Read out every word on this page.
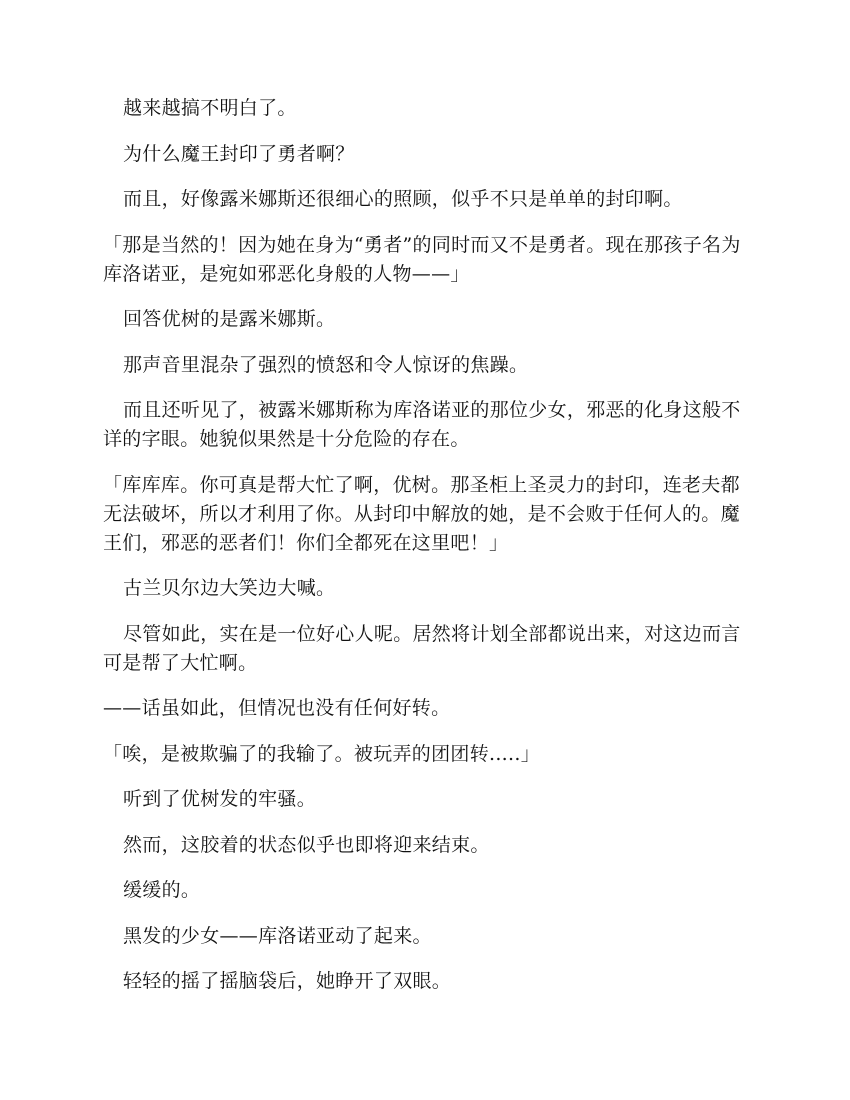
越来越搞不明白了。

为什么魔王封印了勇者啊？

而且，好像露米娜斯还很细心的照顾，似乎不只是单单的封印啊。

「那是当然的！因为她在身为“勇者”的同时而又不是勇者。现在那孩子名为库洛诺亚，是宛如邪恶化身般的人物——」

回答优树的是露米娜斯。

那声音里混杂了强烈的愤怒和令人惊讶的焦躁。

而且还听见了，被露米娜斯称为库洛诺亚的那位少女，邪恶的化身这般不详的字眼。她貌似果然是十分危险的存在。

「库库库。你可真是帮大忙了啊，优树。那圣柜上圣灵力的封印，连老夫都无法破坏，所以才利用了你。从封印中解放的她，是不会败于任何人的。魔王们，邪恶的恶者们！你们全都死在这里吧！」

古兰贝尔边大笑边大喊。

尽管如此，实在是一位好心人呢。居然将计划全部都说出来，对这边而言可是帮了大忙啊。

——话虽如此，但情况也没有任何好转。

「唉，是被欺骗了的我输了。被玩弄的团团转.....」

听到了优树发的牢骚。

然而，这胶着的状态似乎也即将迎来结束。

缓缓的。

黑发的少女——库洛诺亚动了起来。

轻轻的摇了摇脑袋后，她睁开了双眼。
